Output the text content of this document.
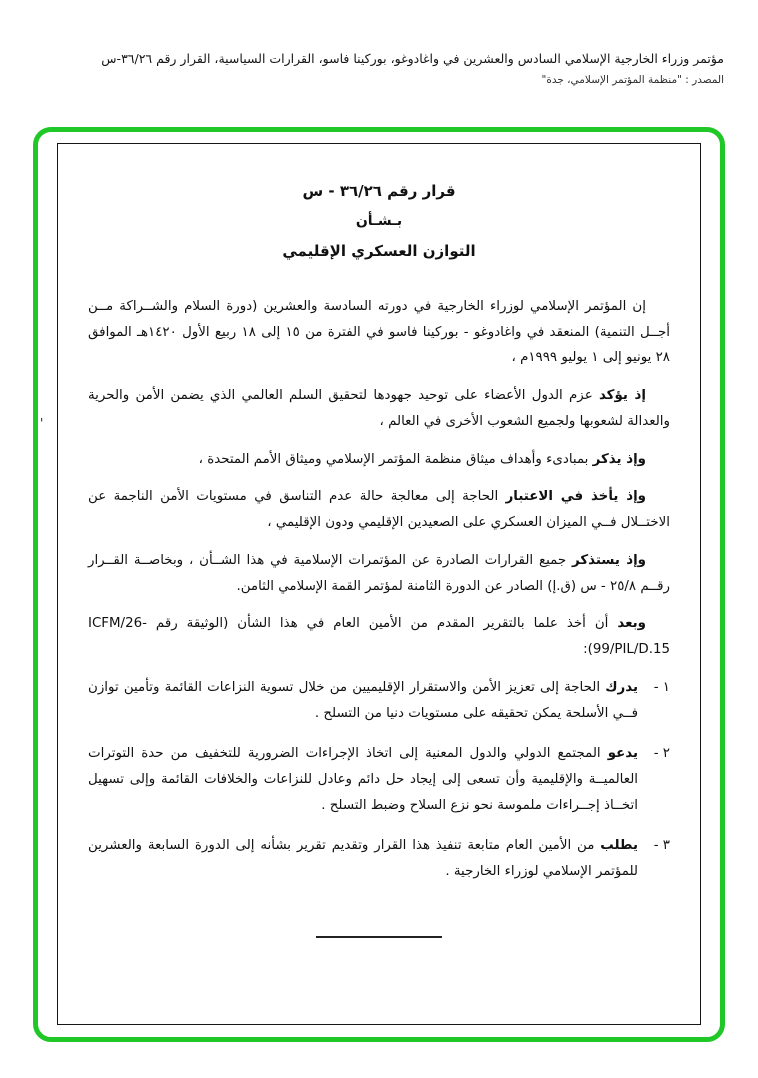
مؤتمر وزراء الخارجية الإسلامي السادس والعشرين في واغادوغو، بوركينا فاسو، القرارات السياسية، القرار رقم ٣٦/٢٦-س
المصدر : "منظمة المؤتمر الإسلامي، جدة"
'
قرار رقم ٣٦/٢٦ - س
بـشـأن
التوازن العسكري الإقليمي

إن المؤتمر الإسلامي لوزراء الخارجية في دورته السادسة والعشرين (دورة السلام والشــراكة مــن أجــل التنمية) المنعقد في واغادوغو - بوركينا فاسو في الفترة من ١٥ إلى ١٨ ربيع الأول ١٤٢٠هـ الموافق ٢٨ يونيو إلى ١ يوليو ١٩٩٩م ،

إذ يؤكد عزم الدول الأعضاء على توحيد جهودها لتحقيق السلم العالمي الذي يضمن الأمن والحرية والعدالة لشعوبها ولجميع الشعوب الأخرى في العالم ،

وإذ يذكر بمبادىء وأهداف ميثاق منظمة المؤتمر الإسلامي وميثاق الأمم المتحدة ،

وإذ يأخذ في الاعتبار الحاجة إلى معالجة حالة عدم التناسق في مستويات الأمن الناجمة عن الاختــلال فــي الميزان العسكري على الصعيدين الإقليمي ودون الإقليمي ،

وإذ يستذكر جميع القرارات الصادرة عن المؤتمرات الإسلامية في هذا الشــأن ، وبخاصــة القــرار رقــم ٢٥/٨ - س (ق.إ) الصادر عن الدورة الثامنة لمؤتمر القمة الإسلامي الثامن.

وبعد أن أخذ علما بالتقرير المقدم من الأمين العام في هذا الشأن (الوثيقة رقم ICFM/26-99/PIL/D.15):

١ -

يدرك الحاجة إلى تعزيز الأمن والاستقرار الإقليميين من خلال تسوية النزاعات القائمة وتأمين توازن فــي الأسلحة يمكن تحقيقه على مستويات دنيا من التسلح .

٢ -

يدعو المجتمع الدولي والدول المعنية إلى اتخاذ الإجراءات الضرورية للتخفيف من حدة التوترات العالميــة والإقليمية وأن تسعى إلى إيجاد حل دائم وعادل للنزاعات والخلافات القائمة وإلى تسهيل اتخــاذ إجــراءات ملموسة نحو نزع السلاح وضبط التسلح .

٣ -

يطلب من الأمين العام متابعة تنفيذ هذا القرار وتقديم تقرير بشأنه إلى الدورة السابعة والعشرين للمؤتمر الإسلامي لوزراء الخارجية .
